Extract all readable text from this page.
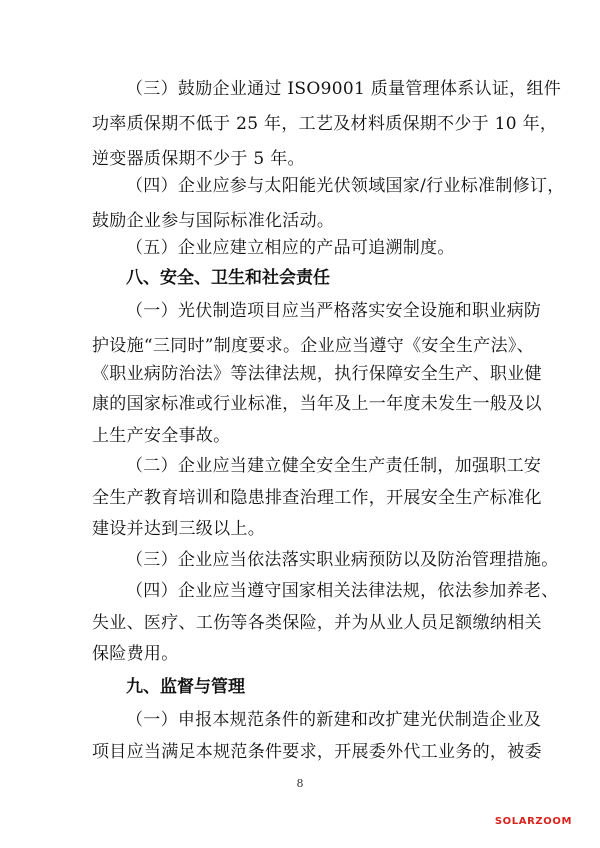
（三）鼓励企业通过 ISO9001 质量管理体系认证，组件
功率质保期不低于 25 年，工艺及材料质保期不少于 10 年，
逆变器质保期不少于 5 年。
（四）企业应参与太阳能光伏领域国家/行业标准制修订，
鼓励企业参与国际标准化活动。
（五）企业应建立相应的产品可追溯制度。
八、安全、卫生和社会责任
（一）光伏制造项目应当严格落实安全设施和职业病防
护设施“三同时”制度要求。企业应当遵守《安全生产法》、
《职业病防治法》等法律法规，执行保障安全生产、职业健
康的国家标准或行业标准，当年及上一年度未发生一般及以
上生产安全事故。
（二）企业应当建立健全安全生产责任制，加强职工安
全生产教育培训和隐患排查治理工作，开展安全生产标准化
建设并达到三级以上。
（三）企业应当依法落实职业病预防以及防治管理措施。
（四）企业应当遵守国家相关法律法规，依法参加养老、
失业、医疗、工伤等各类保险，并为从业人员足额缴纳相关
保险费用。
九、监督与管理
（一）申报本规范条件的新建和改扩建光伏制造企业及
项目应当满足本规范条件要求，开展委外代工业务的，被委
8
SOLARZOOM
